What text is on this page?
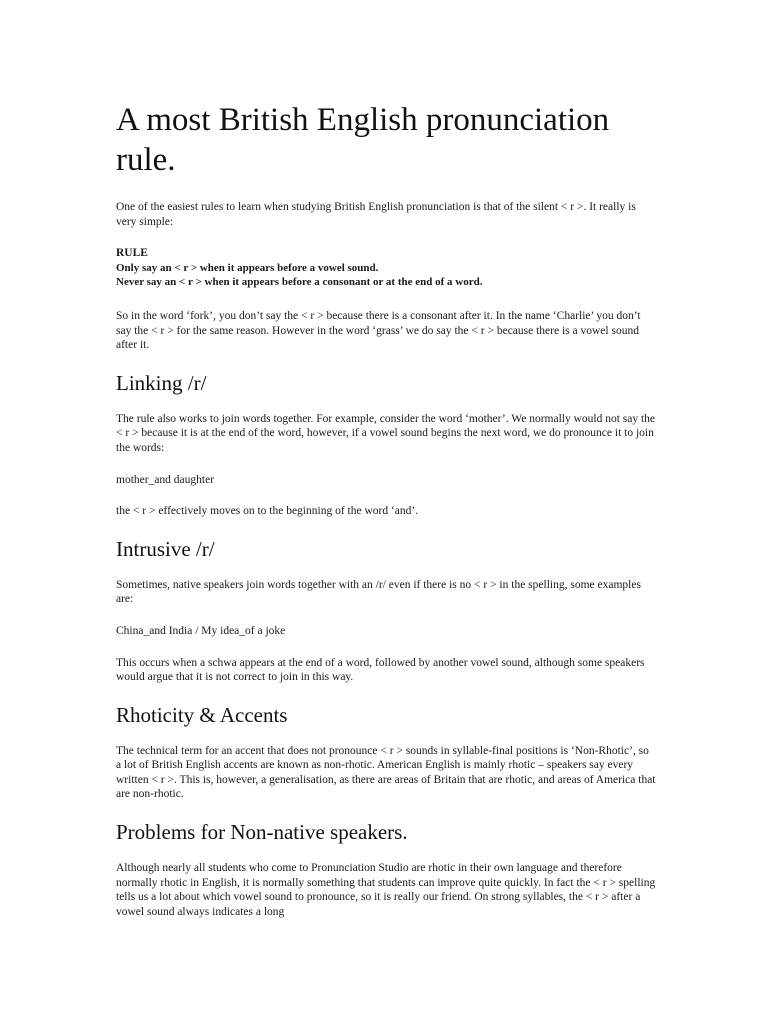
A most British English pronunciation rule.

One of the easiest rules to learn when studying British English pronunciation is that of the silent < r >. It really is very simple:

RULE
Only say an < r > when it appears before a vowel sound.
Never say an < r > when it appears before a consonant or at the end of a word.

So in the word ‘fork’, you don’t say the < r > because there is a consonant after it. In the name ‘Charlie’ you don’t say the < r > for the same reason. However in the word ‘grass’ we do say the < r > because there is a vowel sound after it.

Linking /r/

The rule also works to join words together. For example, consider the word ‘mother’. We normally would not say the < r > because it is at the end of the word, however, if a vowel sound begins the next word, we do pronounce it to join the words:

mother_and daughter

the < r > effectively moves on to the beginning of the word ‘and’.

Intrusive /r/

Sometimes, native speakers join words together with an /r/ even if there is no < r > in the spelling, some examples are:

China_and India / My idea_of a joke

This occurs when a schwa appears at the end of a word, followed by another vowel sound, although some speakers would argue that it is not correct to join in this way.

Rhoticity & Accents

The technical term for an accent that does not pronounce < r > sounds in syllable-final positions is ‘Non-Rhotic’, so a lot of British English accents are known as non-rhotic. American English is mainly rhotic – speakers say every written < r >. This is, however, a generalisation, as there are areas of Britain that are rhotic, and areas of America that are non-rhotic.

Problems for Non-native speakers.

Although nearly all students who come to Pronunciation Studio are rhotic in their own language and therefore normally rhotic in English, it is normally something that students can improve quite quickly. In fact the < r > spelling tells us a lot about which vowel sound to pronounce, so it is really our friend. On strong syllables, the < r > after a vowel sound always indicates a long
